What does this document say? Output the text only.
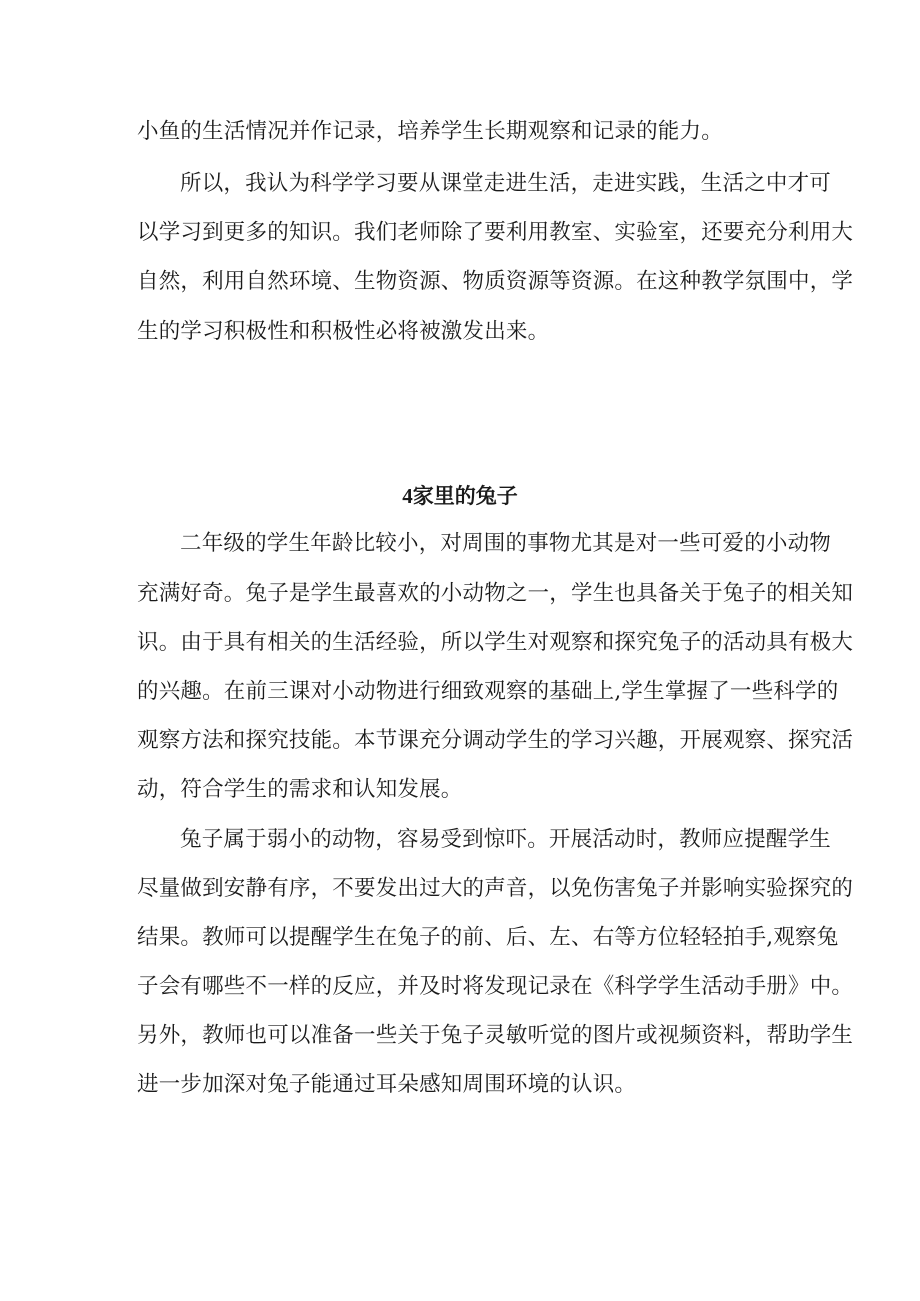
小鱼的生活情况并作记录，培养学生长期观察和记录的能力。

所以，我认为科学学习要从课堂走进生活，走进实践，生活之中才可

以学习到更多的知识。我们老师除了要利用教室、实验室，还要充分利用大

自然，利用自然环境、生物资源、物质资源等资源。在这种教学氛围中，学

生的学习积极性和积极性必将被激发出来。

4家里的兔子

二年级的学生年龄比较小，对周围的事物尤其是对一些可爱的小动物

充满好奇。兔子是学生最喜欢的小动物之一，学生也具备关于兔子的相关知

识。由于具有相关的生活经验，所以学生对观察和探究兔子的活动具有极大

的兴趣。在前三课对小动物进行细致观察的基础上,学生掌握了一些科学的

观察方法和探究技能。本节课充分调动学生的学习兴趣，开展观察、探究活

动，符合学生的需求和认知发展。

兔子属于弱小的动物，容易受到惊吓。开展活动时，教师应提醒学生

尽量做到安静有序，不要发出过大的声音，以免伤害兔子并影响实验探究的

结果。教师可以提醒学生在兔子的前、后、左、右等方位轻轻拍手,观察兔

子会有哪些不一样的反应，并及时将发现记录在《科学学生活动手册》中。

另外，教师也可以准备一些关于兔子灵敏听觉的图片或视频资料，帮助学生

进一步加深对兔子能通过耳朵感知周围环境的认识。
